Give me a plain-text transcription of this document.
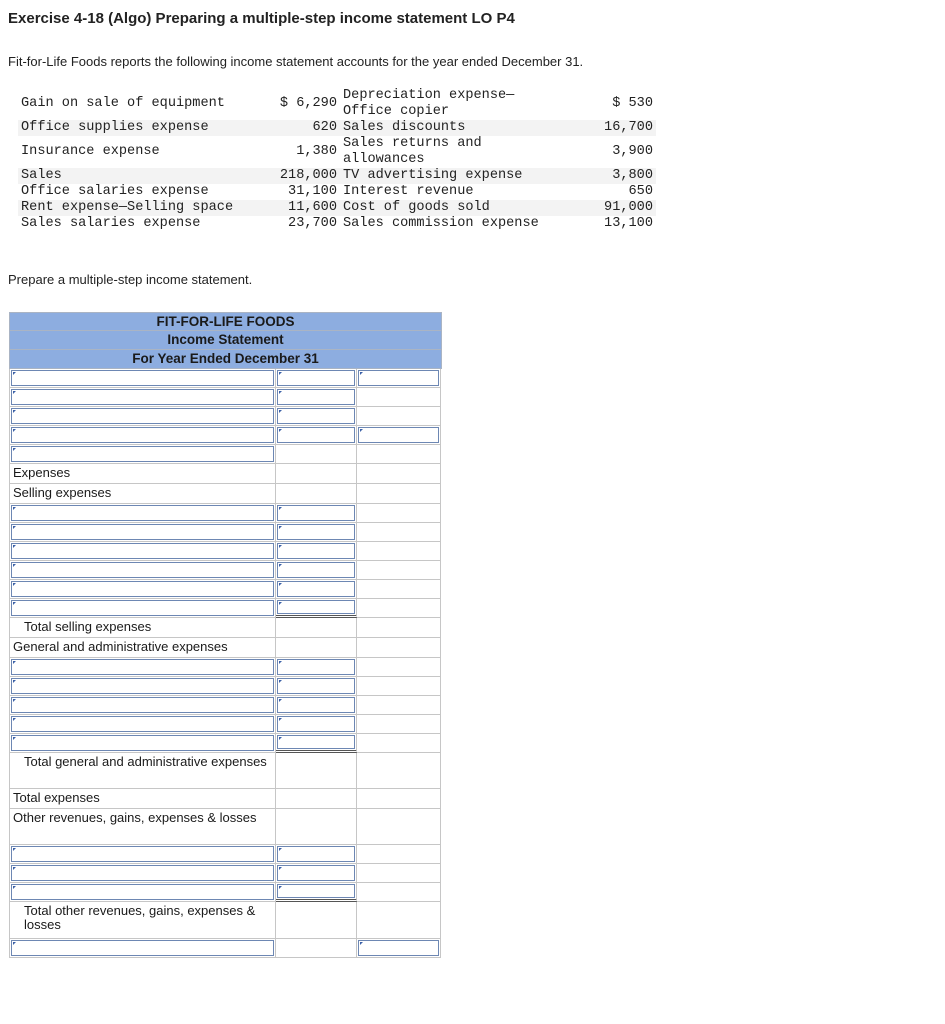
Exercise 4-18 (Algo) Preparing a multiple-step income statement LO P4
Fit-for-Life Foods reports the following income statement accounts for the year ended December 31.
Gain on sale of equipment	$ 6,290	Depreciation expense—Office copier	$ 530
Office supplies expense	620	Sales discounts	16,700
Insurance expense	1,380	Sales returns and allowances	3,900
Sales	218,000	TV advertising expense	3,800
Office salaries expense	31,100	Interest revenue	650
Rent expense—Selling space	11,600	Cost of goods sold	91,000
Sales salaries expense	23,700	Sales commission expense	13,100
Prepare a multiple-step income statement.
FIT-FOR-LIFE FOODS
Income Statement
For Year Ended December 31
Expenses
Selling expenses
Total selling expenses
General and administrative expenses
Total general and administrative expenses
Total expenses
Other revenues, gains, expenses & losses
Total other revenues, gains, expenses & losses
